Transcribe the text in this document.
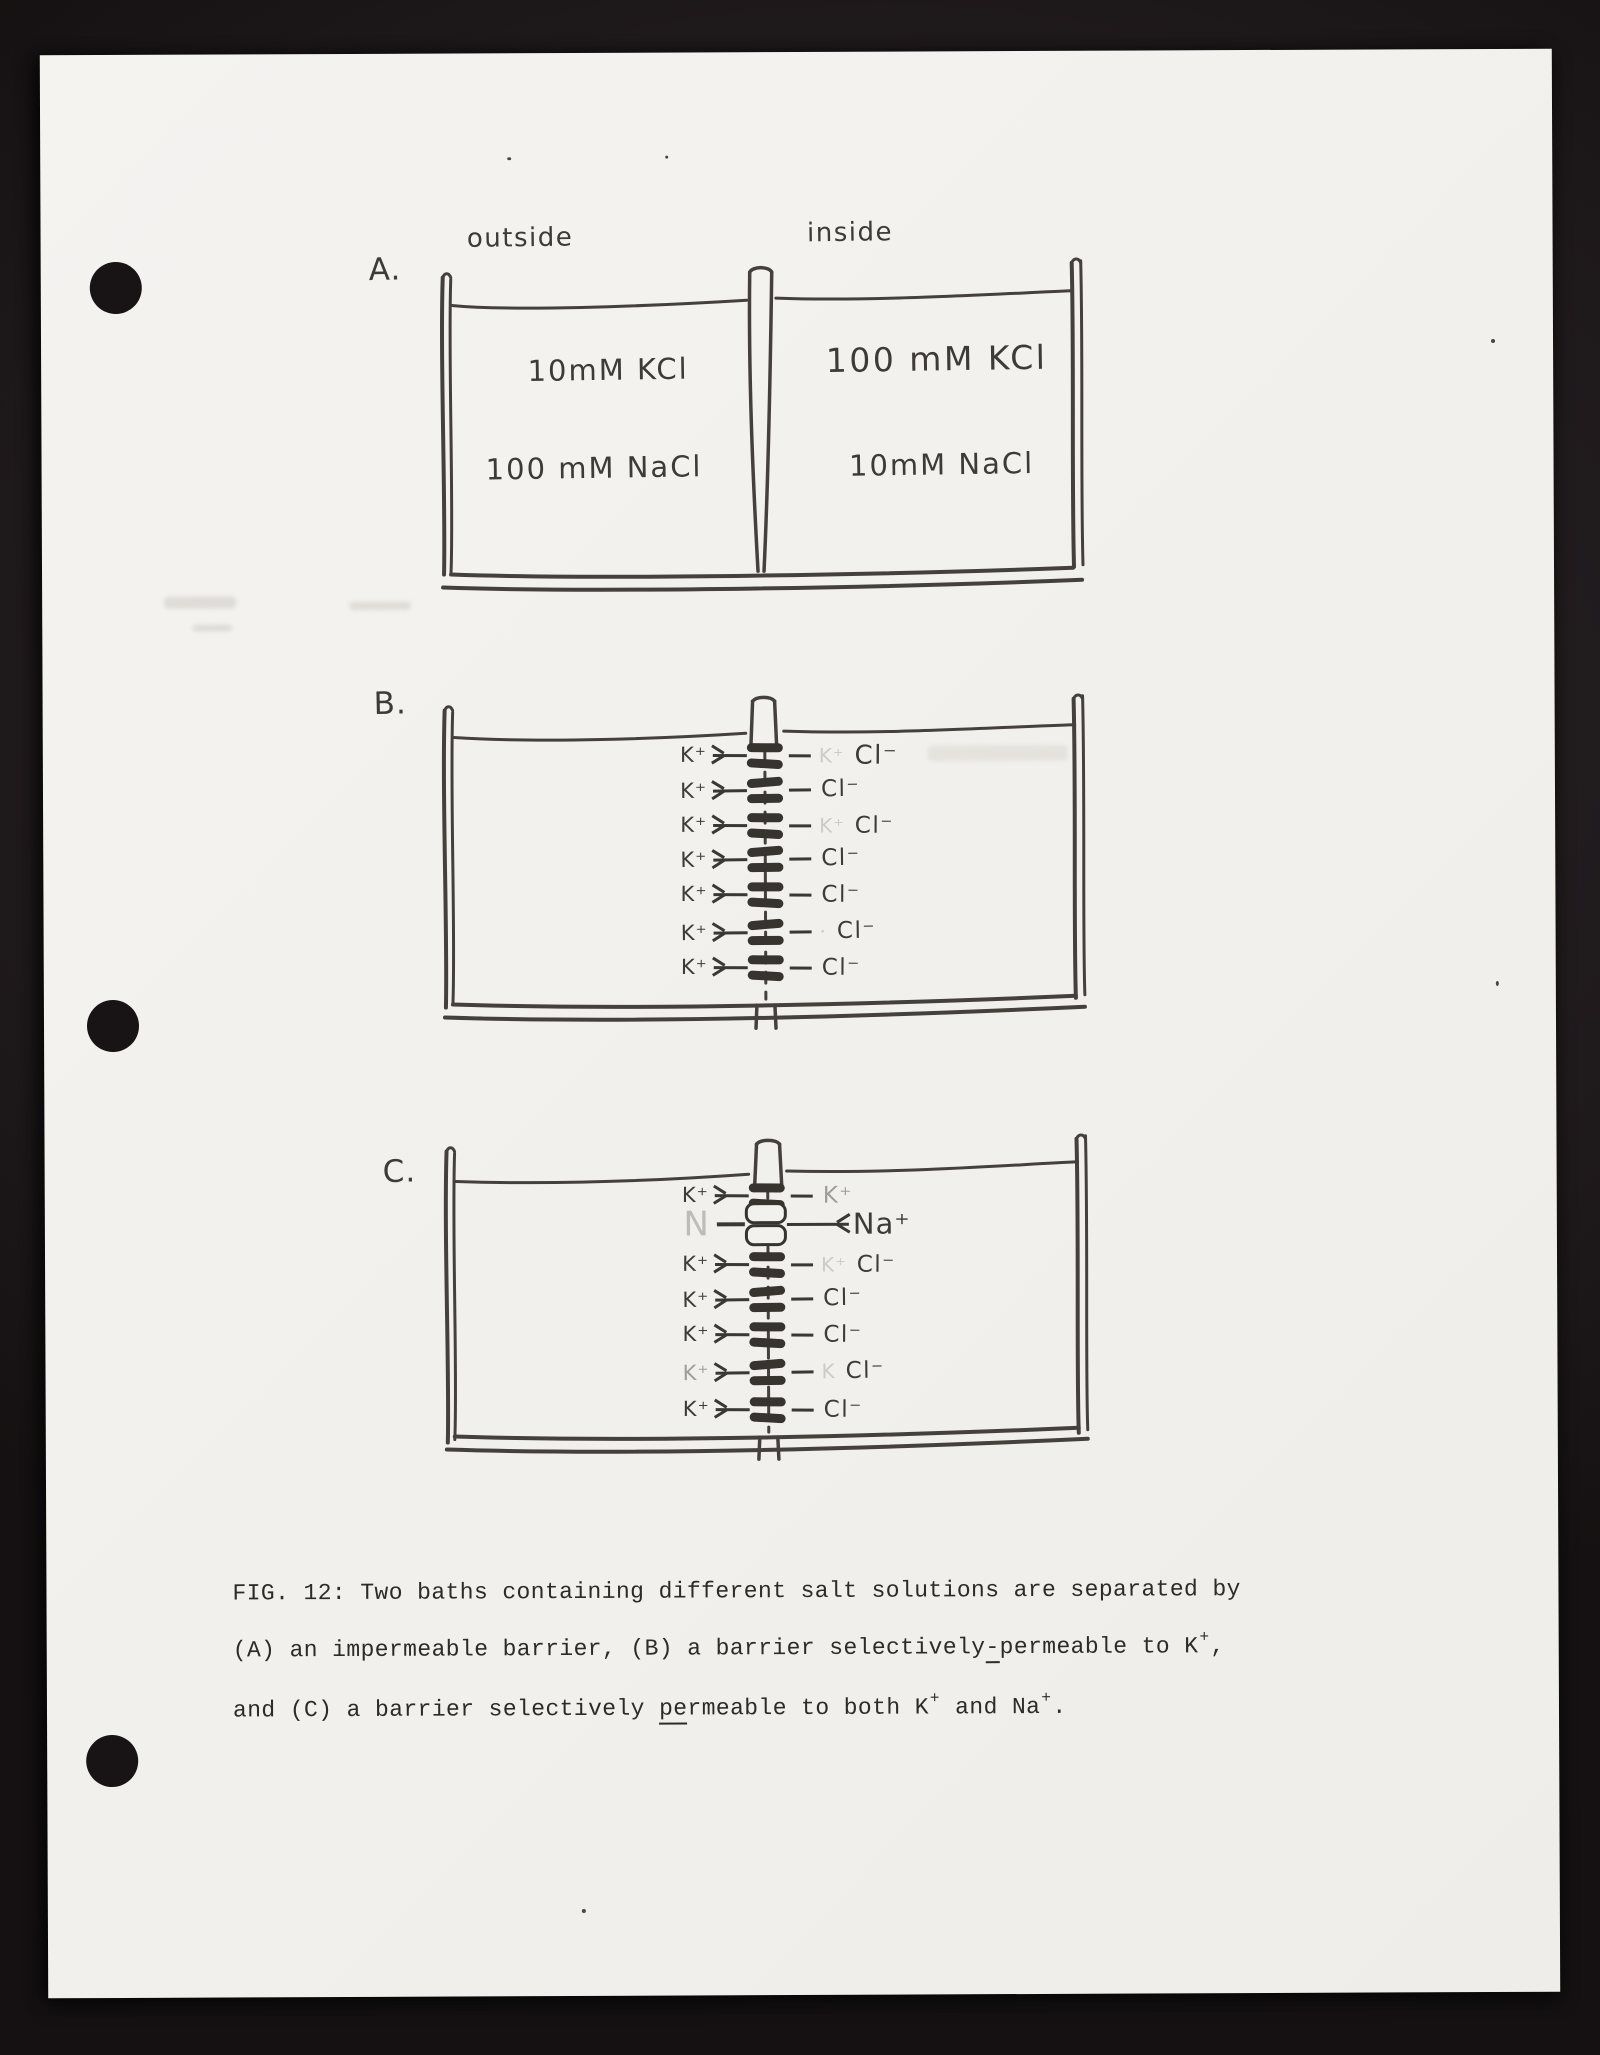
A.
outside	inside
10mM KCl
100 mM NaCl
100 mM KCl
10mM NaCl
B.
K⁺	K⁺ Cl⁻
K⁺	Cl⁻
K⁺	K⁺ Cl⁻
K⁺	Cl⁻
K⁺	Cl⁻
K⁺	· Cl⁻
K⁺	Cl⁻
C.
K⁺	K⁺
N	Na⁺
K⁺	K⁺ Cl⁻
K⁺	Cl⁻
K⁺	Cl⁻
K⁺	K Cl⁻
K⁺	Cl⁻
FIG. 12: Two baths containing different salt solutions are separated by
(A) an impermeable barrier, (B) a barrier selectively-permeable to K+,
and (C) a barrier selectively permeable to both K+ and Na+.
